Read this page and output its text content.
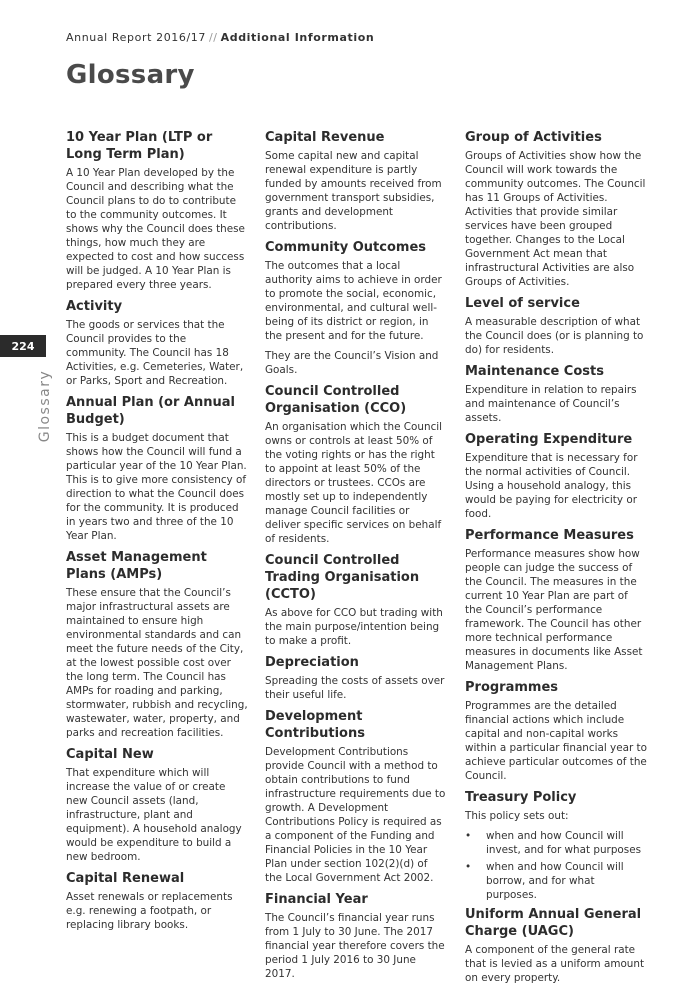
Annual Report 2016/17 // Additional Information
Glossary
224
Glossary
10 Year Plan (LTP or Long Term Plan)

A 10 Year Plan developed by the Council and describing what the Council plans to do to contribute to the community outcomes. It shows why the Council does these things, how much they are expected to cost and how success will be judged. A 10 Year Plan is prepared every three years.

Activity

The goods or services that the Council provides to the community. The Council has 18 Activities, e.g. Cemeteries, Water, or Parks, Sport and Recreation.

Annual Plan (or Annual Budget)

This is a budget document that shows how the Council will fund a particular year of the 10 Year Plan. This is to give more consistency of direction to what the Council does for the community. It is produced in years two and three of the 10 Year Plan.

Asset Management Plans (AMPs)

These ensure that the Council’s major infrastructural assets are maintained to ensure high environmental standards and can meet the future needs of the City, at the lowest possible cost over the long term. The Council has AMPs for roading and parking, stormwater, rubbish and recycling, wastewater, water, property, and parks and recreation facilities.

Capital New

That expenditure which will increase the value of or create new Council assets (land, infrastructure, plant and equipment). A household analogy would be expenditure to build a new bedroom.

Capital Renewal

Asset renewals or replacements e.g. renewing a footpath, or replacing library books.

Capital Revenue

Some capital new and capital renewal expenditure is partly funded by amounts received from government transport subsidies, grants and development contributions.

Community Outcomes

The outcomes that a local authority aims to achieve in order to promote the social, economic, environmental, and cultural well-being of its district or region, in the present and for the future.

They are the Council’s Vision and Goals.

Council Controlled Organisation (CCO)

An organisation which the Council owns or controls at least 50% of the voting rights or has the right to appoint at least 50% of the directors or trustees. CCOs are mostly set up to independently manage Council facilities or deliver specific services on behalf of residents.

Council Controlled Trading Organisation (CCTO)

As above for CCO but trading with the main purpose/intention being to make a profit.

Depreciation

Spreading the costs of assets over their useful life.

Development Contributions

Development Contributions provide Council with a method to obtain contributions to fund infrastructure requirements due to growth. A Development Contributions Policy is required as a component of the Funding and Financial Policies in the 10 Year Plan under section 102(2)(d) of the Local Government Act 2002.

Financial Year

The Council’s financial year runs from 1 July to 30 June. The 2017 financial year therefore covers the period 1 July 2016 to 30 June 2017.

Group of Activities

Groups of Activities show how the Council will work towards the community outcomes. The Council has 11 Groups of Activities. Activities that provide similar services have been grouped together. Changes to the Local Government Act mean that infrastructural Activities are also Groups of Activities.

Level of service

A measurable description of what the Council does (or is planning to do) for residents.

Maintenance Costs

Expenditure in relation to repairs and maintenance of Council’s assets.

Operating Expenditure

Expenditure that is necessary for the normal activities of Council. Using a household analogy, this would be paying for electricity or food.

Performance Measures

Performance measures show how people can judge the success of the Council. The measures in the current 10 Year Plan are part of the Council’s performance framework. The Council has other more technical performance measures in documents like Asset Management Plans.

Programmes

Programmes are the detailed financial actions which include capital and non-capital works within a particular financial year to achieve particular outcomes of the Council.

Treasury Policy

This policy sets out:

• when and how Council will invest, and for what purposes
• when and how Council will borrow, and for what purposes.
Uniform Annual General Charge (UAGC)

A component of the general rate that is levied as a uniform amount on every property.
